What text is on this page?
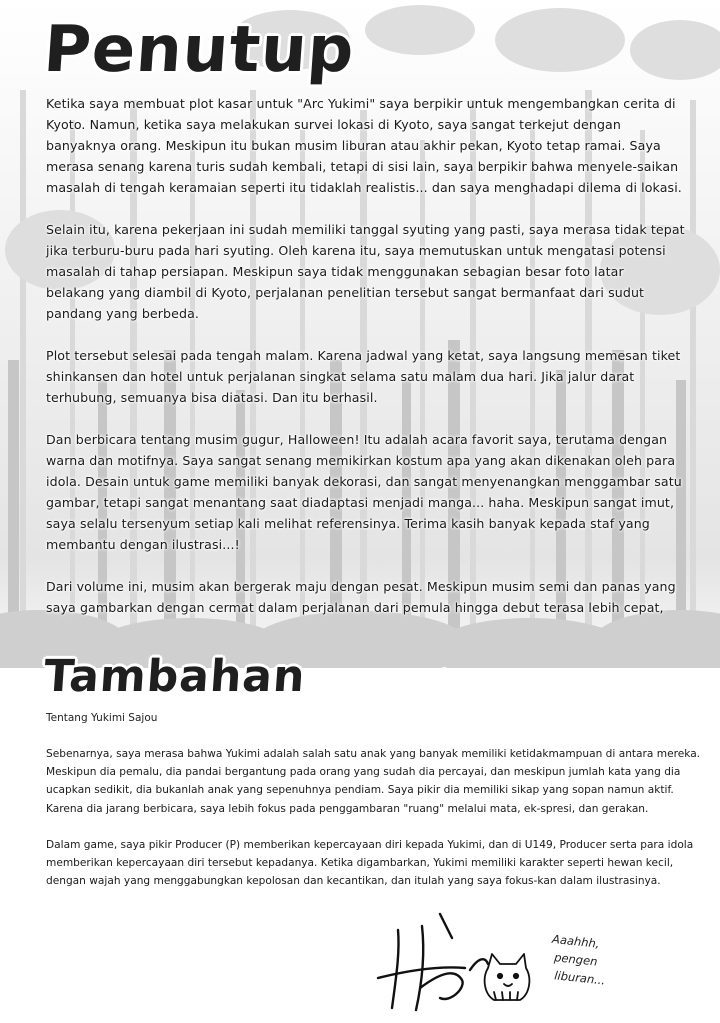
Penutup

Ketika saya membuat plot kasar untuk "Arc Yukimi" saya berpikir untuk mengembangkan cerita di Kyoto. Namun, ketika saya melakukan survei lokasi di Kyoto, saya sangat terkejut dengan banyaknya orang. Meskipun itu bukan musim liburan atau akhir pekan, Kyoto tetap ramai. Saya merasa senang karena turis sudah kembali, tetapi di sisi lain, saya berpikir bahwa menyele-saikan masalah di tengah keramaian seperti itu tidaklah realistis... dan saya menghadapi dilema di lokasi.

Selain itu, karena pekerjaan ini sudah memiliki tanggal syuting yang pasti, saya merasa tidak tepat jika terburu-buru pada hari syuting. Oleh karena itu, saya memutuskan untuk mengatasi potensi masalah di tahap persiapan. Meskipun saya tidak menggunakan sebagian besar foto latar belakang yang diambil di Kyoto, perjalanan penelitian tersebut sangat bermanfaat dari sudut pandang yang berbeda.

Plot tersebut selesai pada tengah malam. Karena jadwal yang ketat, saya langsung memesan tiket shinkansen dan hotel untuk perjalanan singkat selama satu malam dua hari. Jika jalur darat terhubung, semuanya bisa diatasi. Dan itu berhasil.

Dan berbicara tentang musim gugur, Halloween! Itu adalah acara favorit saya, terutama dengan warna dan motifnya. Saya sangat senang memikirkan kostum apa yang akan dikenakan oleh para idola. Desain untuk game memiliki banyak dekorasi, dan sangat menyenangkan menggambar satu gambar, tetapi sangat menantang saat diadaptasi menjadi manga... haha. Meskipun sangat imut, saya selalu tersenyum setiap kali melihat referensinya. Terima kasih banyak kepada staf yang membantu dengan ilustrasi...!

Dari volume ini, musim akan bergerak maju dengan pesat. Meskipun musim semi dan panas yang saya gambarkan dengan cermat dalam perjalanan dari pemula hingga debut terasa lebih cepat,

Tambahan
Tentang Yukimi Sajou

Sebenarnya, saya merasa bahwa Yukimi adalah salah satu anak yang banyak memiliki ketidakmampuan di antara mereka. Meskipun dia pemalu, dia pandai bergantung pada orang yang sudah dia percayai, dan meskipun jumlah kata yang dia ucapkan sedikit, dia bukanlah anak yang sepenuhnya pendiam. Saya pikir dia memiliki sikap yang sopan namun aktif. Karena dia jarang berbicara, saya lebih fokus pada penggambaran "ruang" melalui mata, ek-spresi, dan gerakan.

Dalam game, saya pikir Producer (P) memberikan kepercayaan diri kepada Yukimi, dan di U149, Producer serta para idola memberikan kepercayaan diri tersebut kepadanya. Ketika digambarkan, Yukimi memiliki karakter seperti hewan kecil, dengan wajah yang menggabungkan kepolosan dan kecantikan, dan itulah yang saya fokus-kan dalam ilustrasinya.

Aaahhh,
pengen
liburan...
